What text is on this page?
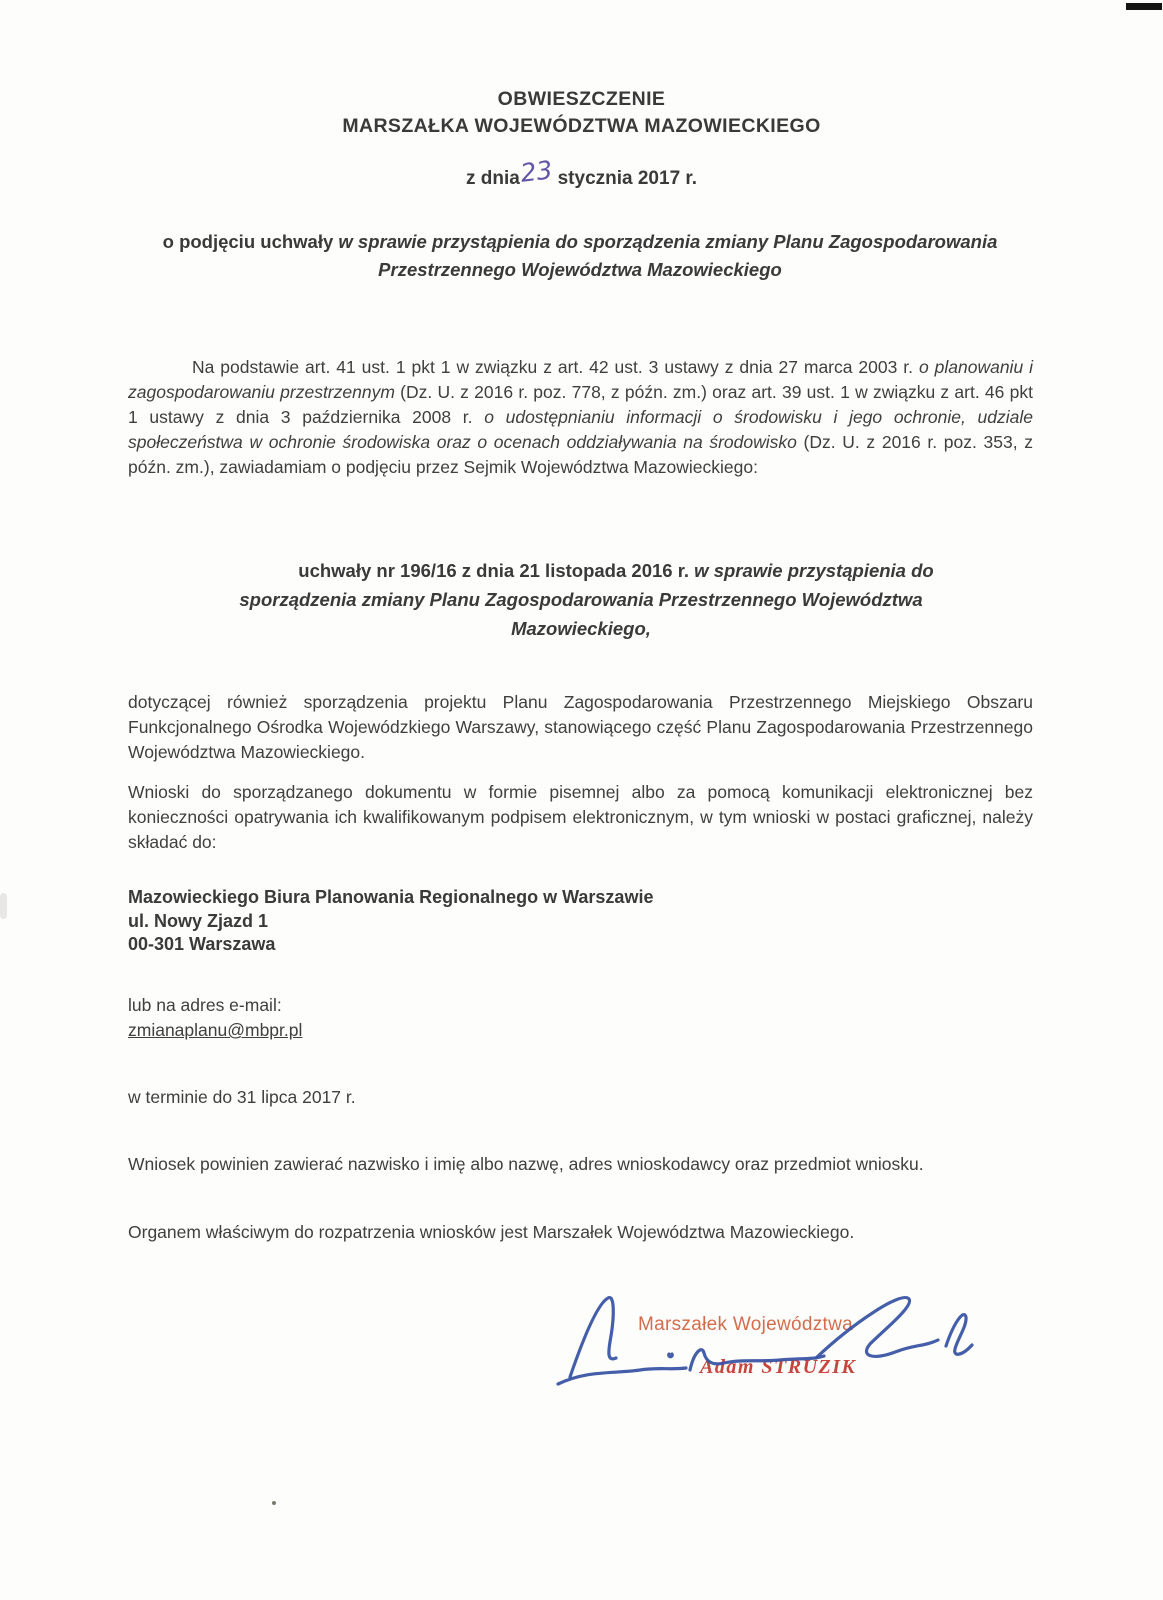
OBWIESZCZENIE
MARSZAŁKA WOJEWÓDZTWA MAZOWIECKIEGO
z dnia23 stycznia 2017 r.
o podjęciu uchwały w sprawie przystąpienia do sporządzenia zmiany Planu Zagospodarowania Przestrzennego Województwa Mazowieckiego

Na podstawie art. 41 ust. 1 pkt 1 w związku z art. 42 ust. 3 ustawy z dnia 27 marca 2003 r. o planowaniu i zagospodarowaniu przestrzennym (Dz. U. z 2016 r. poz. 778, z późn. zm.) oraz art. 39 ust. 1 w związku z art. 46 pkt 1 ustawy z dnia 3 października 2008 r. o udostępnianiu informacji o środowisku i jego ochronie, udziale społeczeństwa w ochronie środowiska oraz o ocenach oddziaływania na środowisko (Dz. U. z 2016 r. poz. 353, z późn. zm.), zawiadamiam o podjęciu przez Sejmik Województwa Mazowieckiego:

uchwały nr 196/16 z dnia 21 listopada 2016 r. w sprawie przystąpienia do sporządzenia zmiany Planu Zagospodarowania Przestrzennego Województwa Mazowieckiego,

dotyczącej również sporządzenia projektu Planu Zagospodarowania Przestrzennego Miejskiego Obszaru Funkcjonalnego Ośrodka Wojewódzkiego Warszawy, stanowiącego część Planu Zagospodarowania Przestrzennego Województwa Mazowieckiego.

Wnioski do sporządzanego dokumentu w formie pisemnej albo za pomocą komunikacji elektronicznej bez konieczności opatrywania ich kwalifikowanym podpisem elektronicznym, w tym wnioski w postaci graficznej, należy składać do:

Mazowieckiego Biura Planowania Regionalnego w Warszawie
ul. Nowy Zjazd 1
00-301 Warszawa
lub na adres e-mail:
zmianaplanu@mbpr.pl

w terminie do 31 lipca 2017 r.

Wniosek powinien zawierać nazwisko i imię albo nazwę, adres wnioskodawcy oraz przedmiot wniosku.

Organem właściwym do rozpatrzenia wniosków jest Marszałek Województwa Mazowieckiego.

Marszałek Województwa
Adam STRUZIK
